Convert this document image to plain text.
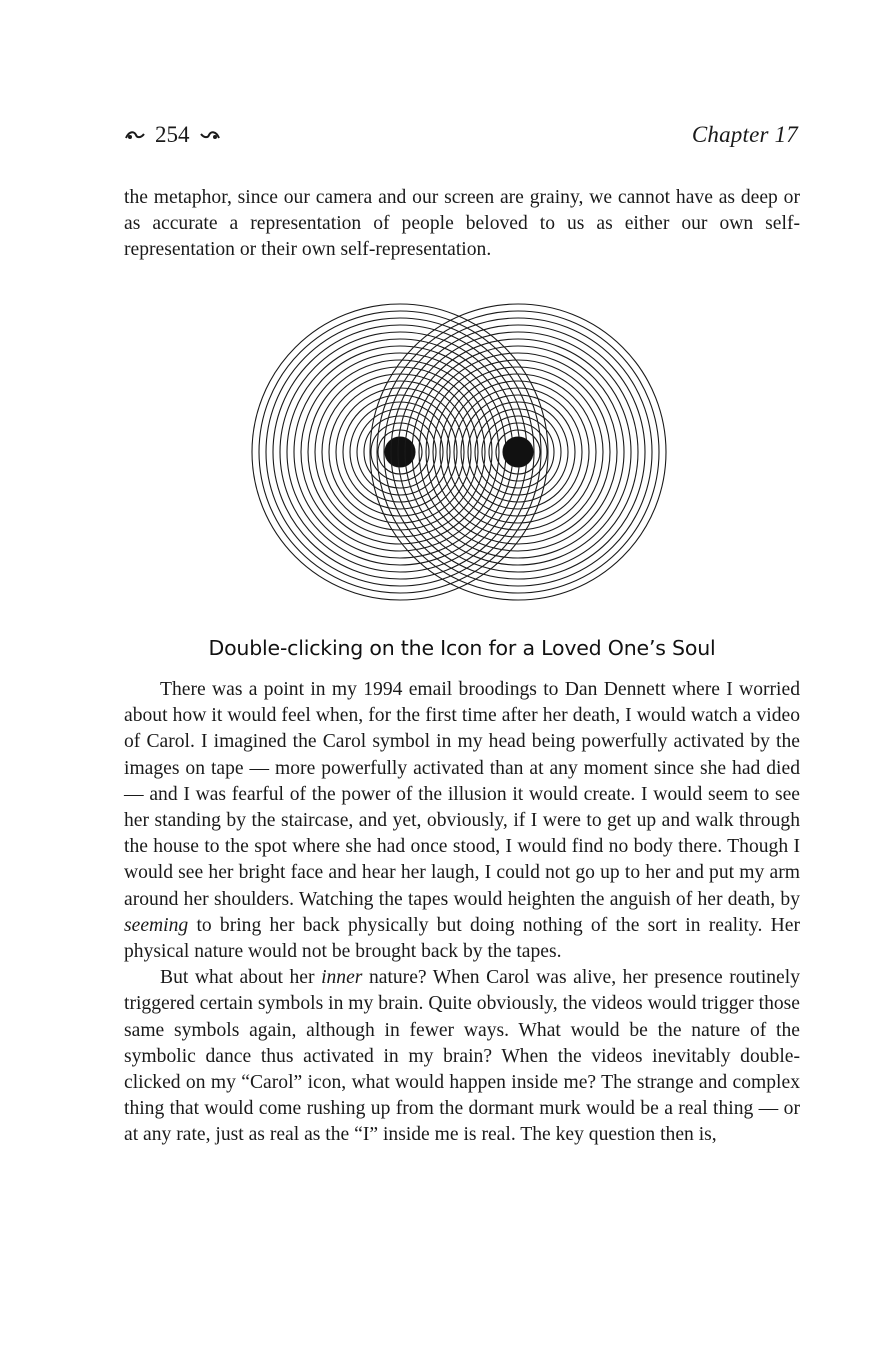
254	Chapter 17

the metaphor, since our camera and our screen are grainy, we cannot have as deep or as accurate a representation of people beloved to us as either our own self-representation or their own self-representation.

Double-clicking on the Icon for a Loved One’s Soul

There was a point in my 1994 email broodings to Dan Dennett where I worried about how it would feel when, for the first time after her death, I would watch a video of Carol. I imagined the Carol symbol in my head being powerfully activated by the images on tape — more powerfully activated than at any moment since she had died — and I was fearful of the power of the illusion it would create. I would seem to see her standing by the staircase, and yet, obviously, if I were to get up and walk through the house to the spot where she had once stood, I would find no body there. Though I would see her bright face and hear her laugh, I could not go up to her and put my arm around her shoulders. Watching the tapes would heighten the anguish of her death, by seeming to bring her back physically but doing nothing of the sort in reality. Her physical nature would not be brought back by the tapes.

But what about her inner nature? When Carol was alive, her presence routinely triggered certain symbols in my brain. Quite obviously, the videos would trigger those same symbols again, although in fewer ways. What would be the nature of the symbolic dance thus activated in my brain? When the videos inevitably double-clicked on my “Carol” icon, what would happen inside me? The strange and complex thing that would come rushing up from the dormant murk would be a real thing — or at any rate, just as real as the “I” inside me is real. The key question then is,
